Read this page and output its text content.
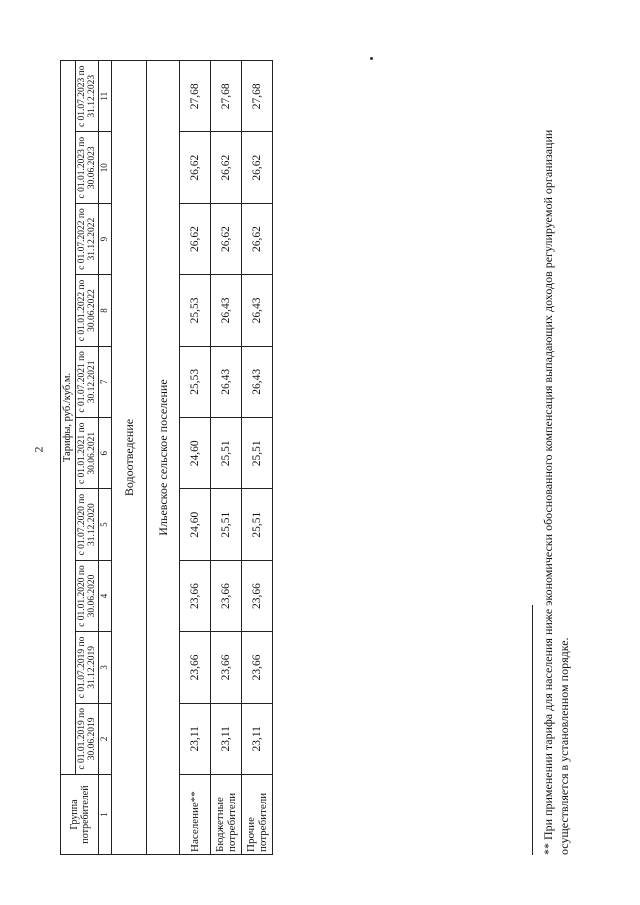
2
Группа потребителей	Тарифы, руб./куб.м.									
	с 01.01.2019 по 30.06.2019	с 01.07.2019 по 31.12.2019	с 01.01.2020 по 30.06.2020	с 01.07.2020 по 31.12.2020	с 01.01.2021 по 30.06.2021	с 01.07.2021 по 30.12.2021	с 01.01.2022 по 30.06.2022	с 01.07.2022 по 31.12.2022	с 01.01.2023 по 30.06.2023	с 01.07.2023 по 31.12.2023
1	2	3	4	5	6	7	8	9	10	11
Водоотведение										
Ильевское сельское поселение										
Население**	23,11	23,66	23,66	24,60	24,60	25,53	25,53	26,62	26,62	27,68
Бюджетные потребители	23,11	23,66	23,66	25,51	25,51	26,43	26,43	26,62	26,62	27,68
Прочие потребители	23,11	23,66	23,66	25,51	25,51	26,43	26,43	26,62	26,62	27,68
** При применении тарифа для населения ниже экономически обоснованного компенсация выпадающих доходов регулируемой организации осуществляется в установленном порядке.
